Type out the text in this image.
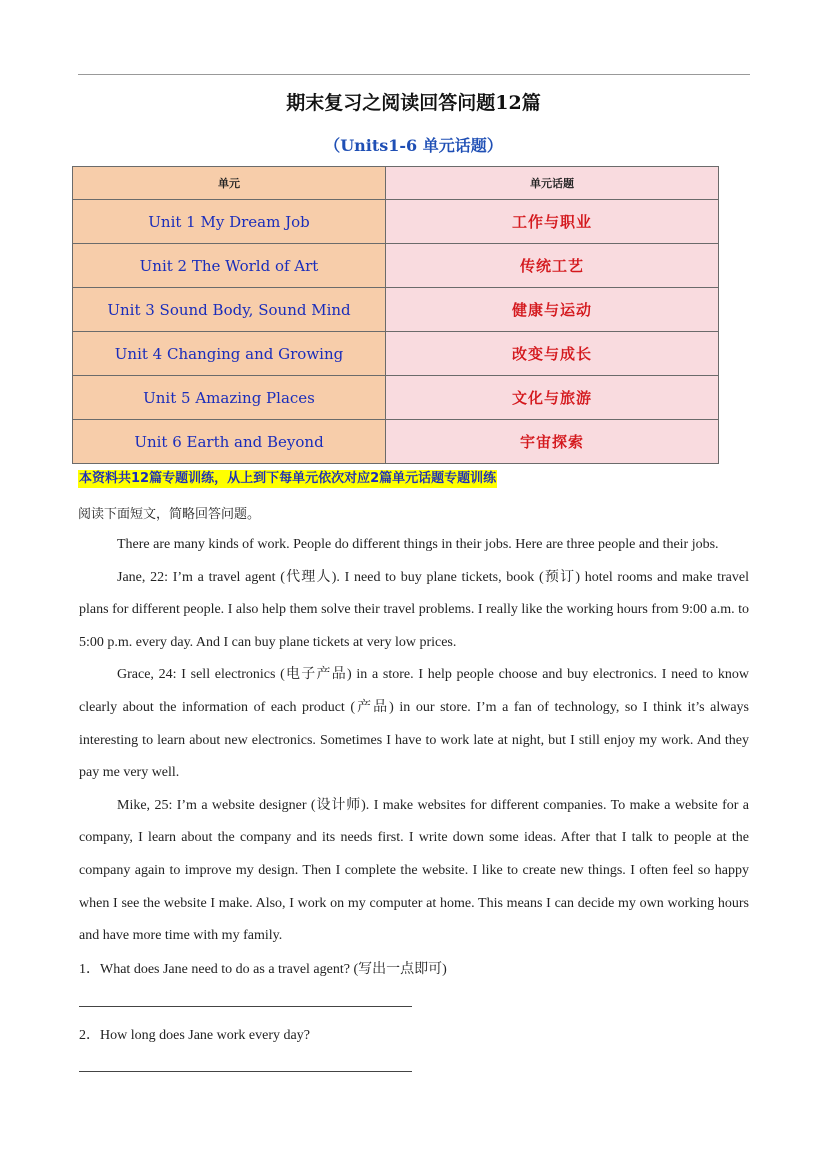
期末复习之阅读回答问题12篇
（Units1-6 单元话题）
单元	单元话题
Unit 1 My Dream Job	工作与职业
Unit 2 The World of Art	传统工艺
Unit 3 Sound Body, Sound Mind	健康与运动
Unit 4 Changing and Growing	改变与成长
Unit 5 Amazing Places	文化与旅游
Unit 6 Earth and Beyond	宇宙探索
本资料共12篇专题训练，从上到下每单元依次对应2篇单元话题专题训练
阅读下面短文，简略回答问题。

There are many kinds of work. People do different things in their jobs. Here are three people and their jobs.

Jane, 22: I’m a travel agent (代理人). I need to buy plane tickets, book (预订) hotel rooms and make travel plans for different people. I also help them solve their travel problems. I really like the working hours from 9:00 a.m. to 5:00 p.m. every day. And I can buy plane tickets at very low prices.

Grace, 24: I sell electronics (电子产品) in a store. I help people choose and buy electronics. I need to know clearly about the information of each product (产品) in our store. I’m a fan of technology, so I think it’s always interesting to learn about new electronics. Sometimes I have to work late at night, but I still enjoy my work. And they pay me very well.

Mike, 25: I’m a website designer (设计师). I make websites for different companies. To make a website for a company, I learn about the company and its needs first. I write down some ideas. After that I talk to people at the company again to improve my design. Then I complete the website. I like to create new things. I often feel so happy when I see the website I make. Also, I work on my computer at home. This means I can decide my own working hours and have more time with my family.

1．What does Jane need to do as a travel agent? (写出一点即可)
2．How long does Jane work every day?
